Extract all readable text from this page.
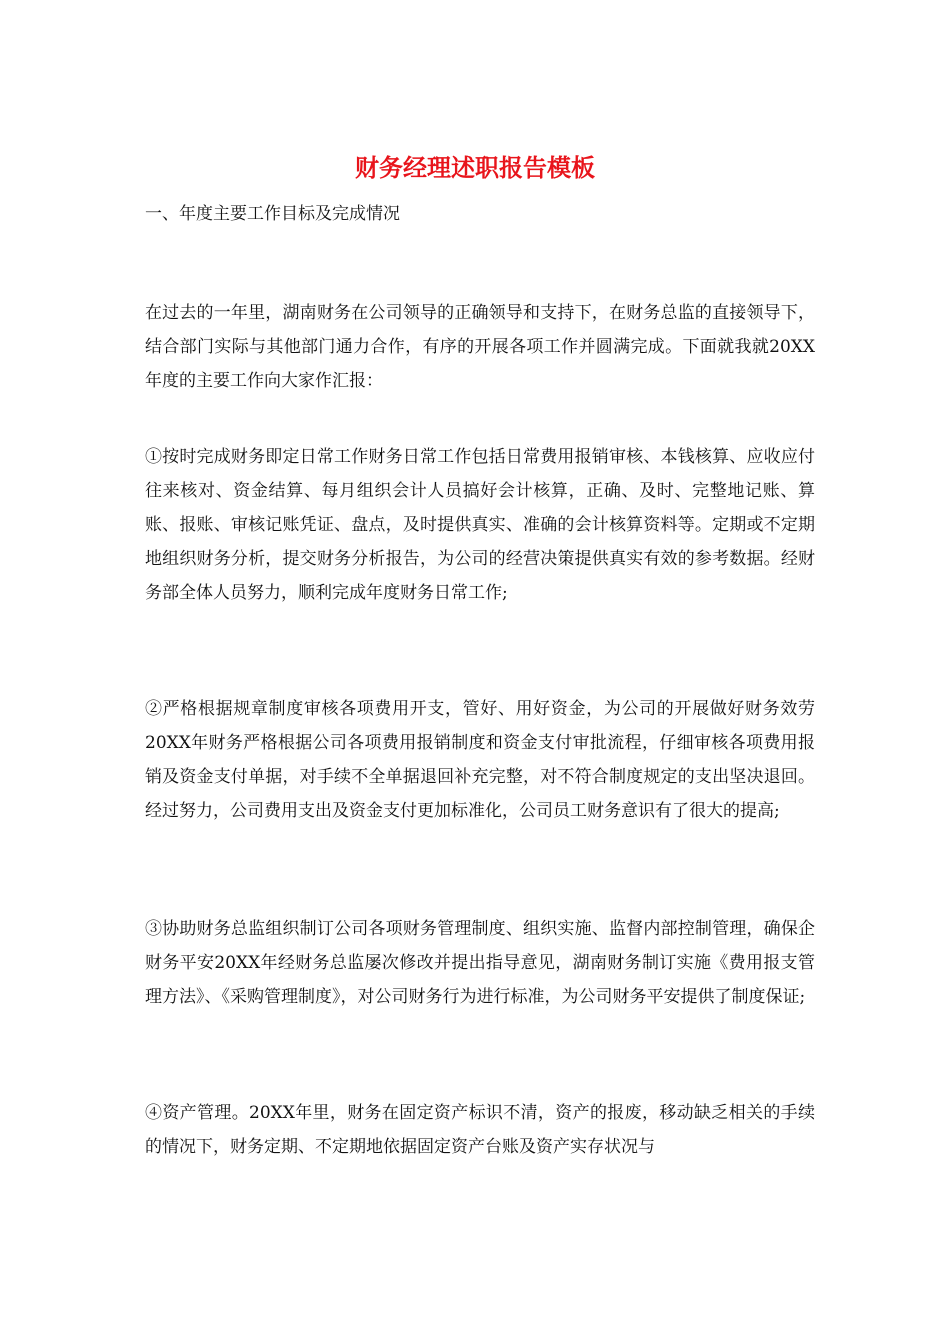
财务经理述职报告模板
一、年度主要工作目标及完成情况

在过去的一年里，湖南财务在公司领导的正确领导和支持下，在财务总监的直接领导下，结合部门实际与其他部门通力合作，有序的开展各项工作并圆满完成。下面就我就20XX年度的主要工作向大家作汇报：

①按时完成财务即定日常工作财务日常工作包括日常费用报销审核、本钱核算、应收应付往来核对、资金结算、每月组织会计人员搞好会计核算，正确、及时、完整地记账、算账、报账、审核记账凭证、盘点，及时提供真实、准确的会计核算资料等。定期或不定期地组织财务分析，提交财务分析报告，为公司的经营决策提供真实有效的参考数据。经财务部全体人员努力，顺利完成年度财务日常工作;

②严格根据规章制度审核各项费用开支，管好、用好资金，为公司的开展做好财务效劳20XX年财务严格根据公司各项费用报销制度和资金支付审批流程，仔细审核各项费用报销及资金支付单据，对手续不全单据退回补充完整，对不符合制度规定的支出坚决退回。经过努力，公司费用支出及资金支付更加标准化，公司员工财务意识有了很大的提高;

③协助财务总监组织制订公司各项财务管理制度、组织实施、监督内部控制管理，确保企财务平安20XX年经财务总监屡次修改并提出指导意见，湖南财务制订实施《费用报支管理方法》、《采购管理制度》，对公司财务行为进行标准，为公司财务平安提供了制度保证;

④资产管理。20XX年里，财务在固定资产标识不清，资产的报废，移动缺乏相关的手续的情况下，财务定期、不定期地依据固定资产台账及资产实存状况与
